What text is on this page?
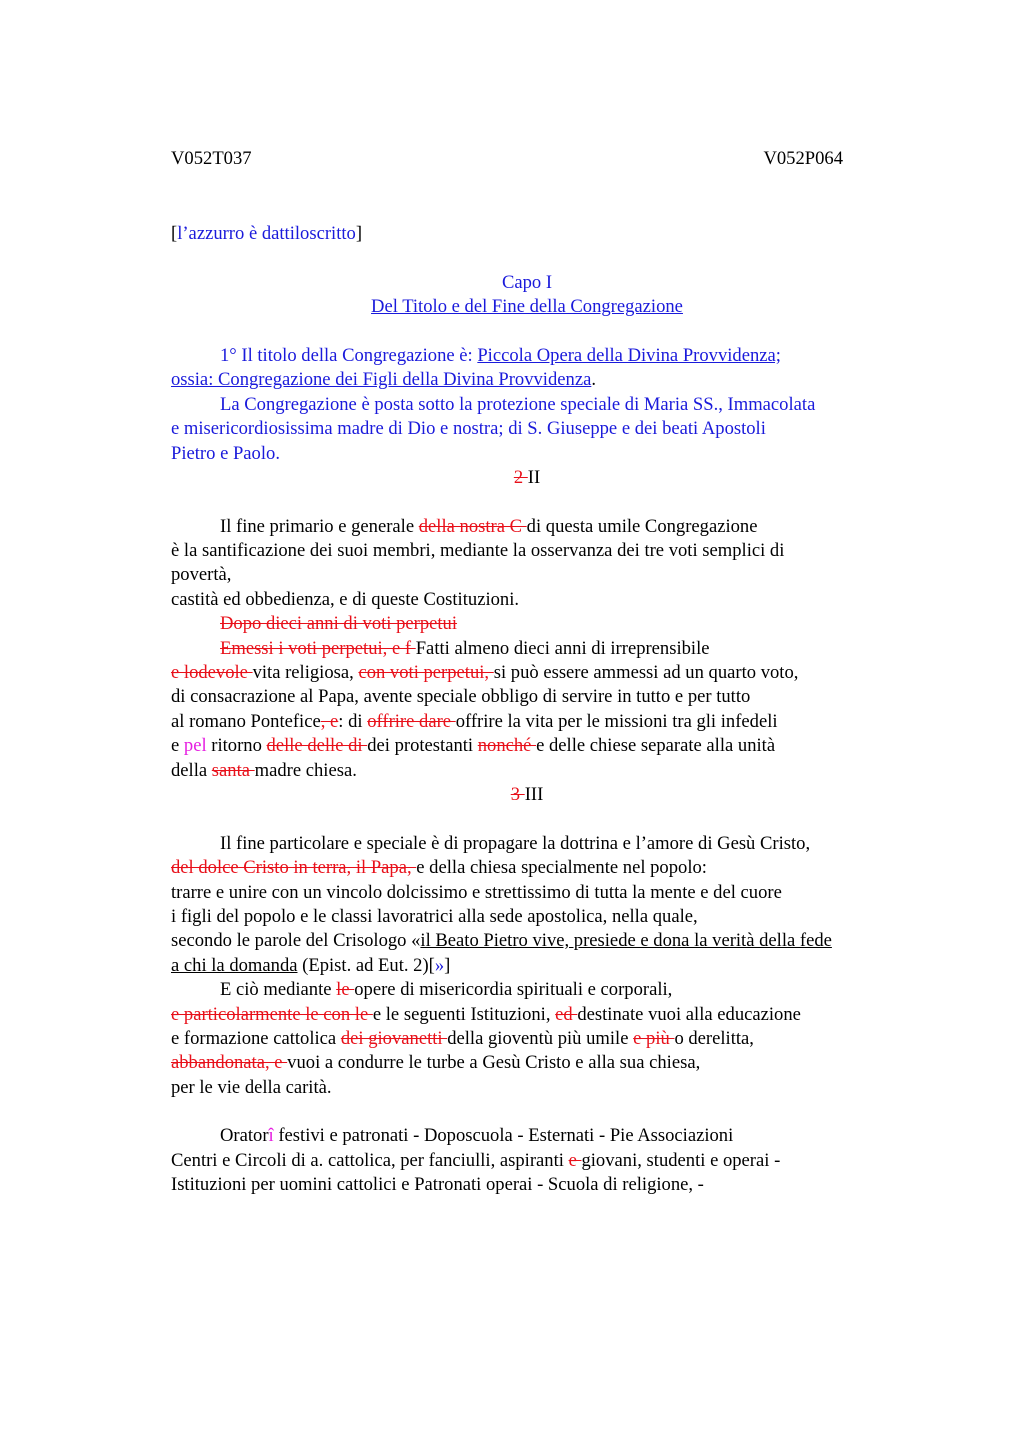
V052T037	V052P064
[l’azzurro è dattiloscritto]
Capo I
Del Titolo e del Fine della Congregazione
1° Il titolo della Congregazione è: Piccola Opera della Divina Provvidenza;
ossia: Congregazione dei Figli della Divina Provvidenza.
La Congregazione è posta sotto la protezione speciale di Maria SS., Immacolata
e misericordiosissima madre di Dio e nostra; di S. Giuseppe e dei beati Apostoli
Pietro e Paolo.
2 II
Il fine primario e generale della nostra C di questa umile Congregazione
è la santificazione dei suoi membri, mediante la osservanza dei tre voti semplici di
povertà,
castità ed obbedienza, e di queste Costituzioni.
Dopo dieci anni di voti perpetui
Emessi i voti perpetui, e f Fatti almeno dieci anni di irreprensibile
e lodevole vita religiosa, con voti perpetui, si può essere ammessi ad un quarto voto,
di consacrazione al Papa, avente speciale obbligo di servire in tutto e per tutto
al romano Pontefice, e: di offrire dare offrire la vita per le missioni tra gli infedeli
e pel ritorno delle delle di dei protestanti nonché e delle chiese separate alla unità
della santa madre chiesa.
3 III
Il fine particolare e speciale è di propagare la dottrina e l’amore di Gesù Cristo,
del dolce Cristo in terra, il Papa, e della chiesa specialmente nel popolo:
trarre e unire con un vincolo dolcissimo e strettissimo di tutta la mente e del cuore
i figli del popolo e le classi lavoratrici alla sede apostolica, nella quale,
secondo le parole del Crisologo «il Beato Pietro vive, presiede e dona la verità della fede
a chi la domanda (Epist. ad Eut. 2)[»]
E ciò mediante le opere di misericordia spirituali e corporali,
e particolarmente le con le e le seguenti Istituzioni, ed destinate vuoi alla educazione
e formazione cattolica dei giovanetti della gioventù più umile e più o derelitta,
abbandonata, e vuoi a condurre le turbe a Gesù Cristo e alla sua chiesa,
per le vie della carità.
Oratorî festivi e patronati - Doposcuola - Esternati - Pie Associazioni
Centri e Circoli di a. cattolica, per fanciulli, aspiranti e giovani, studenti e operai -
Istituzioni per uomini cattolici e Patronati operai - Scuola di religione, -
